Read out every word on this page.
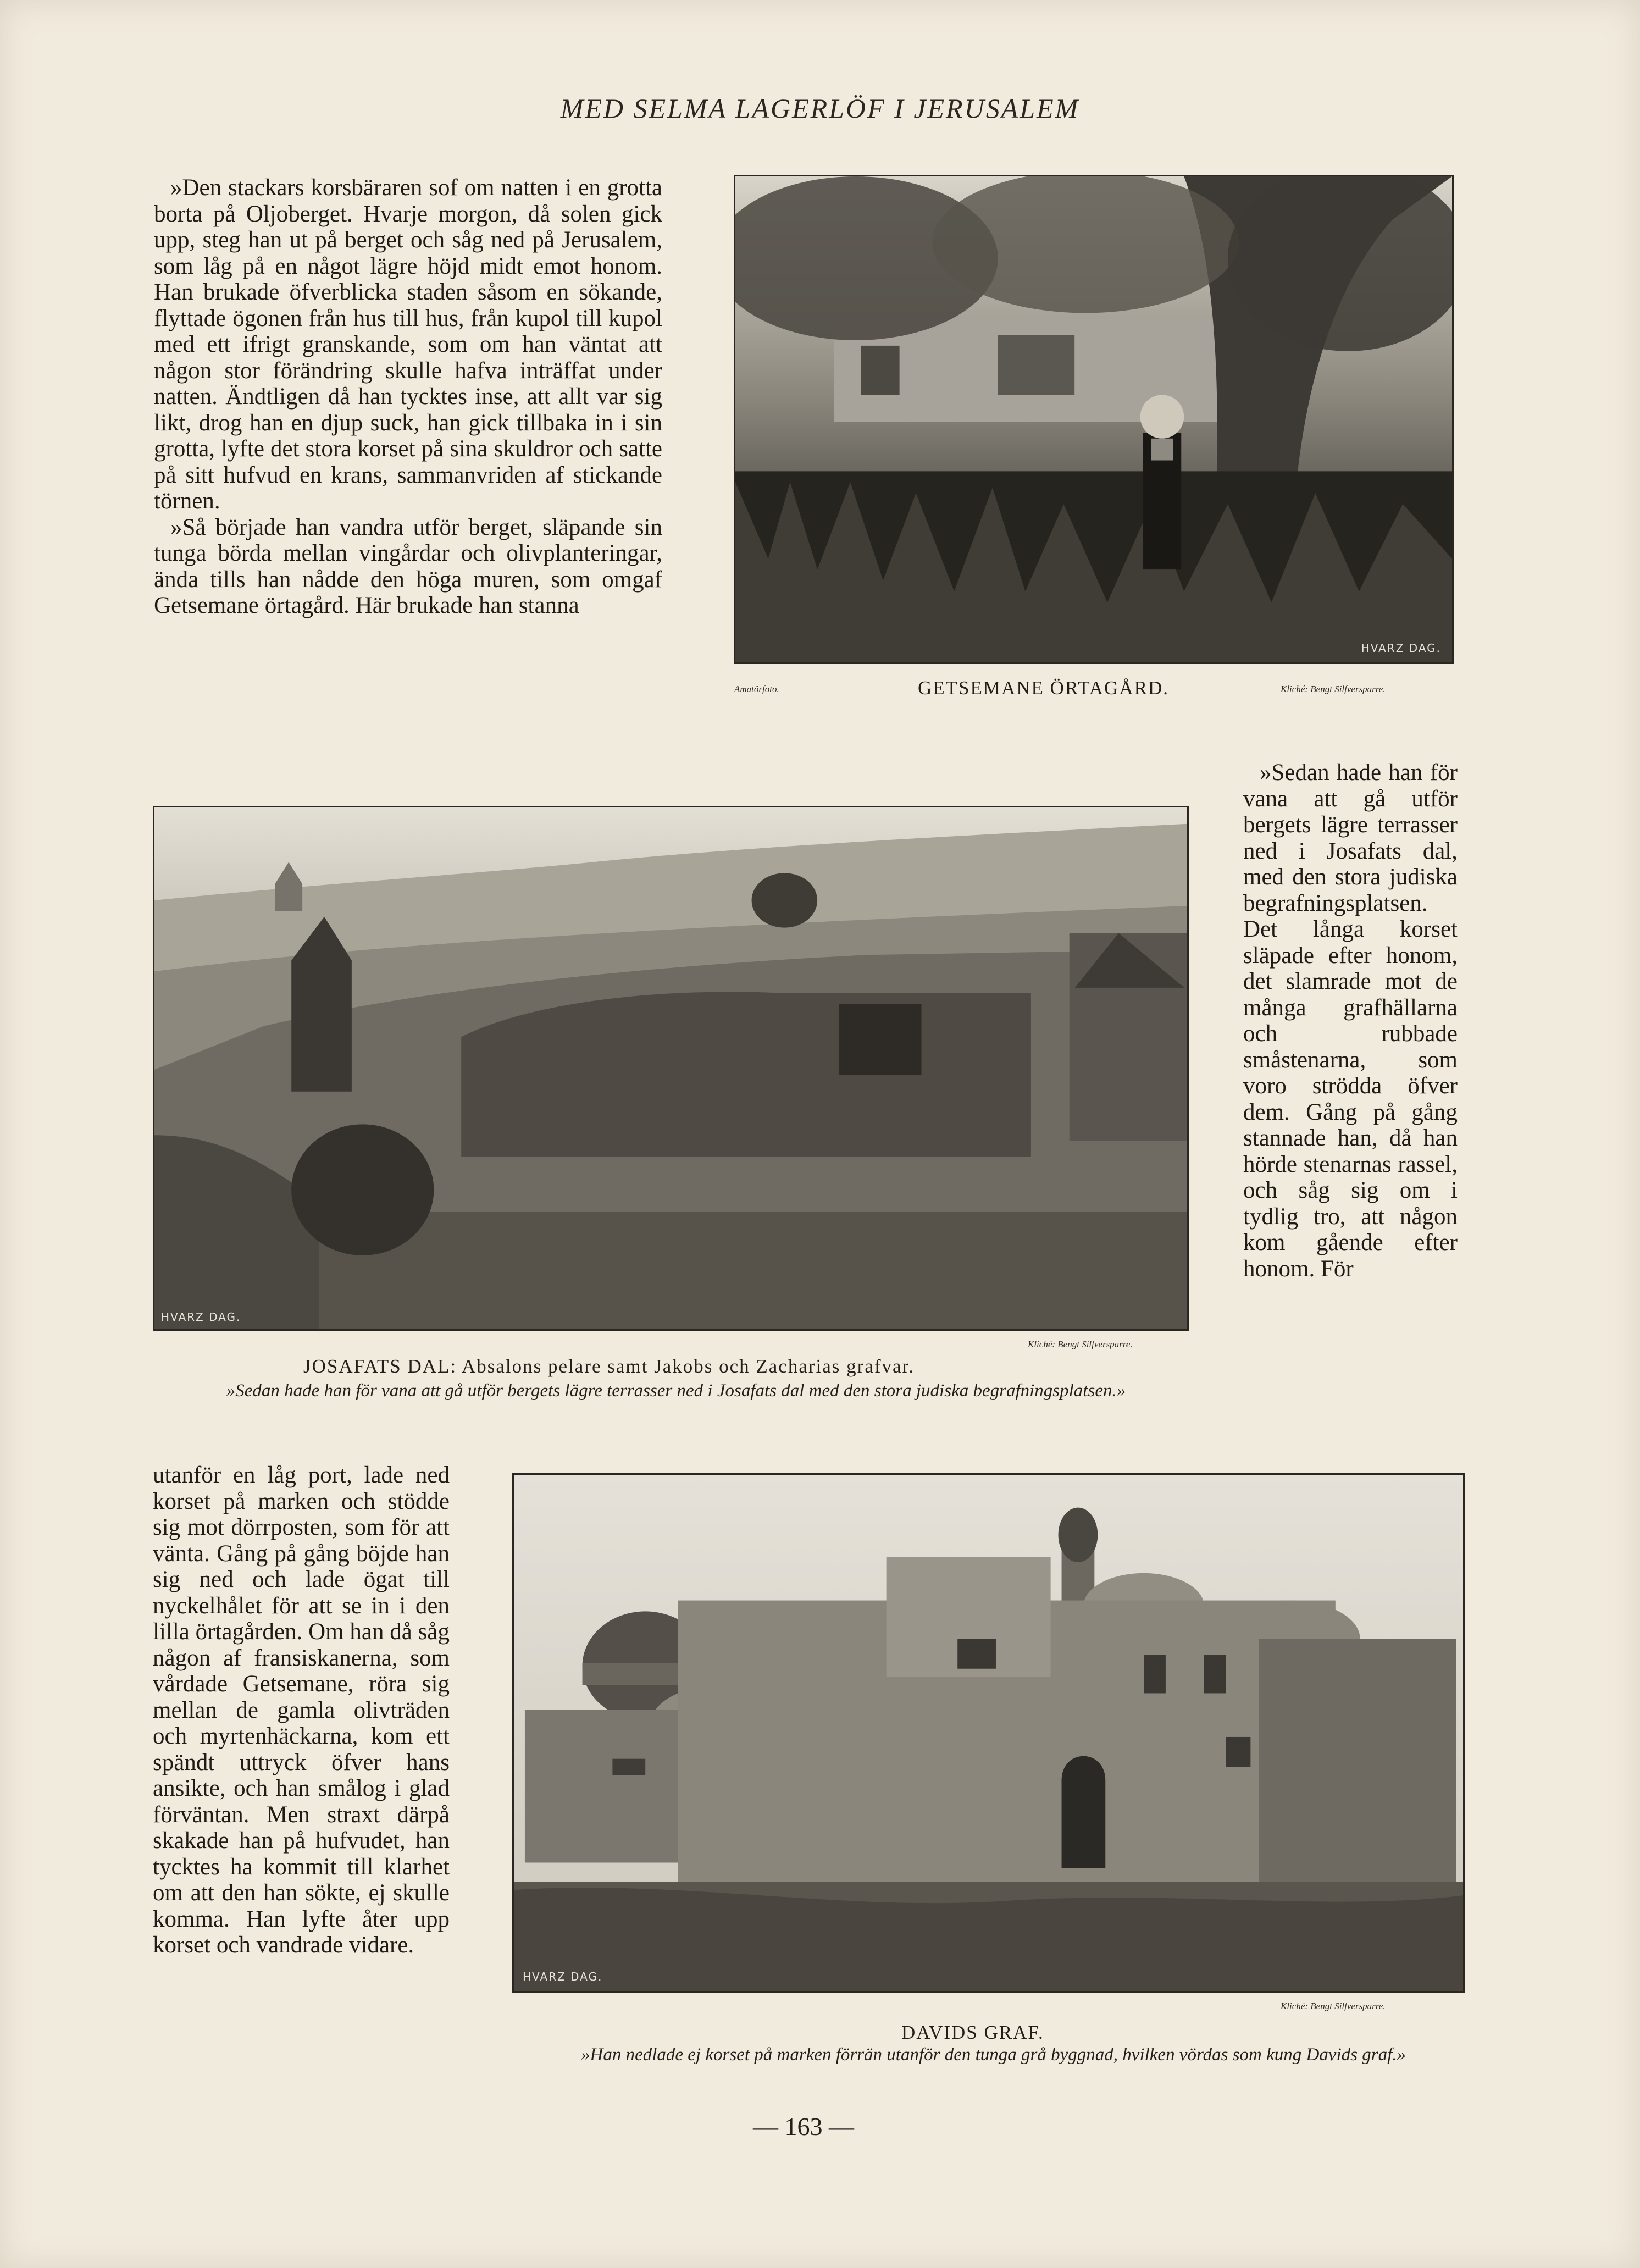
MED SELMA LAGERLÖF I JERUSALEM

»Den stackars korsbäraren sof om natten i en grotta borta på Oljoberget. Hvarje morgon, då solen gick upp, steg han ut på berget och såg ned på Jerusalem, som låg på en något lägre höjd midt emot honom. Han brukade öfverblicka staden såsom en sökande, flyttade ögonen från hus till hus, från kupol till kupol med ett ifrigt granskande, som om han väntat att någon stor förändring skulle hafva inträffat under natten. Ändtligen då han tycktes inse, att allt var sig likt, drog han en djup suck, han gick tillbaka in i sin grotta, lyfte det stora korset på sina skuldror och satte på sitt hufvud en krans, sammanvriden af stickande törnen.

»Så började han vandra utför berget, släpande sin tunga börda mellan vingårdar och olivplanteringar, ända tills han nådde den höga muren, som omgaf Getsemane örtagård. Här brukade han stanna

HVARZ DAG.
Amatörfoto.	GETSEMANE ÖRTAGÅRD.	Kliché: Bengt Silfversparre.
HVARZ DAG.
Kliché: Bengt Silfversparre.
JOSAFATS DAL: Absalons pelare samt Jakobs och Zacharias grafvar.
»Sedan hade han för vana att gå utför bergets lägre terrasser ned i Josafats dal med den stora judiska begrafningsplatsen.»

»Sedan hade han för vana att gå utför bergets lägre terrasser ned i Josafats dal, med den stora judiska begrafningsplatsen. Det långa korset släpade efter honom, det slamrade mot de många grafhällarna och rubbade småstenarna, som voro strödda öfver dem. Gång på gång stannade han, då han hörde stenarnas rassel, och såg sig om i tydlig tro, att någon kom gående efter honom. För

utanför en låg port, lade ned korset på marken och stödde sig mot dörrposten, som för att vänta. Gång på gång böjde han sig ned och lade ögat till nyckelhålet för att se in i den lilla örtagården. Om han då såg någon af fransiskanerna, som vårdade Getsemane, röra sig mellan de gamla olivträden och myrtenhäckarna, kom ett spändt uttryck öfver hans ansikte, och han smålog i glad förväntan. Men straxt därpå skakade han på hufvudet, han tycktes ha kommit till klarhet om att den han sökte, ej skulle komma. Han lyfte åter upp korset och vandrade vidare.

HVARZ DAG.
Kliché: Bengt Silfversparre.
DAVIDS GRAF.
»Han nedlade ej korset på marken förrän utanför den tunga grå byggnad, hvilken vördas som kung Davids graf.»
— 163 —
